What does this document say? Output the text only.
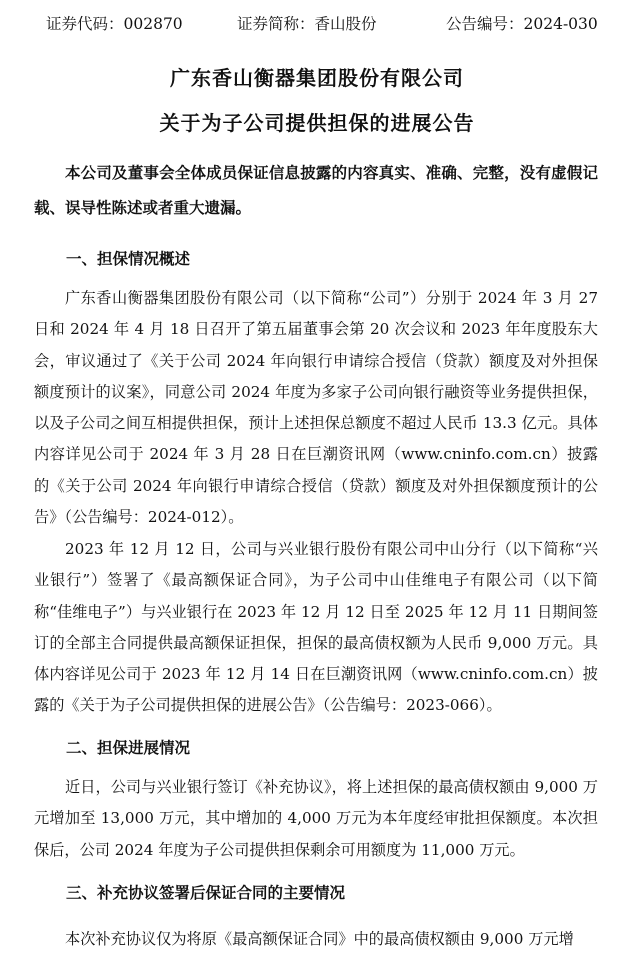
证券代码：002870	证券简称：香山股份	公告编号：2024-030
广东香山衡器集团股份有限公司
关于为子公司提供担保的进展公告
本公司及董事会全体成员保证信息披露的内容真实、准确、完整，没有虚假记载、误导性陈述或者重大遗漏。
一、担保情况概述
广东香山衡器集团股份有限公司（以下简称“公司”）分别于 2024 年 3 月 27 日和 2024 年 4 月 18 日召开了第五届董事会第 20 次会议和 2023 年年度股东大会，审议通过了《关于公司 2024 年向银行申请综合授信（贷款）额度及对外担保额度预计的议案》，同意公司 2024 年度为多家子公司向银行融资等业务提供担保，以及子公司之间互相提供担保，预计上述担保总额度不超过人民币 13.3 亿元。具体内容详见公司于 2024 年 3 月 28 日在巨潮资讯网（www.cninfo.com.cn）披露的《关于公司 2024 年向银行申请综合授信（贷款）额度及对外担保额度预计的公告》（公告编号：2024-012）。
2023 年 12 月 12 日，公司与兴业银行股份有限公司中山分行（以下简称“兴业银行”）签署了《最高额保证合同》，为子公司中山佳维电子有限公司（以下简称“佳维电子”）与兴业银行在 2023 年 12 月 12 日至 2025 年 12 月 11 日期间签订的全部主合同提供最高额保证担保，担保的最高债权额为人民币 9,000 万元。具体内容详见公司于 2023 年 12 月 14 日在巨潮资讯网（www.cninfo.com.cn）披露的《关于为子公司提供担保的进展公告》（公告编号：2023-066）。
二、担保进展情况
近日，公司与兴业银行签订《补充协议》，将上述担保的最高债权额由 9,000 万元增加至 13,000 万元，其中增加的 4,000 万元为本年度经审批担保额度。本次担保后，公司 2024 年度为子公司提供担保剩余可用额度为 11,000 万元。
三、补充协议签署后保证合同的主要情况
本次补充协议仅为将原《最高额保证合同》中的最高债权额由 9,000 万元增
